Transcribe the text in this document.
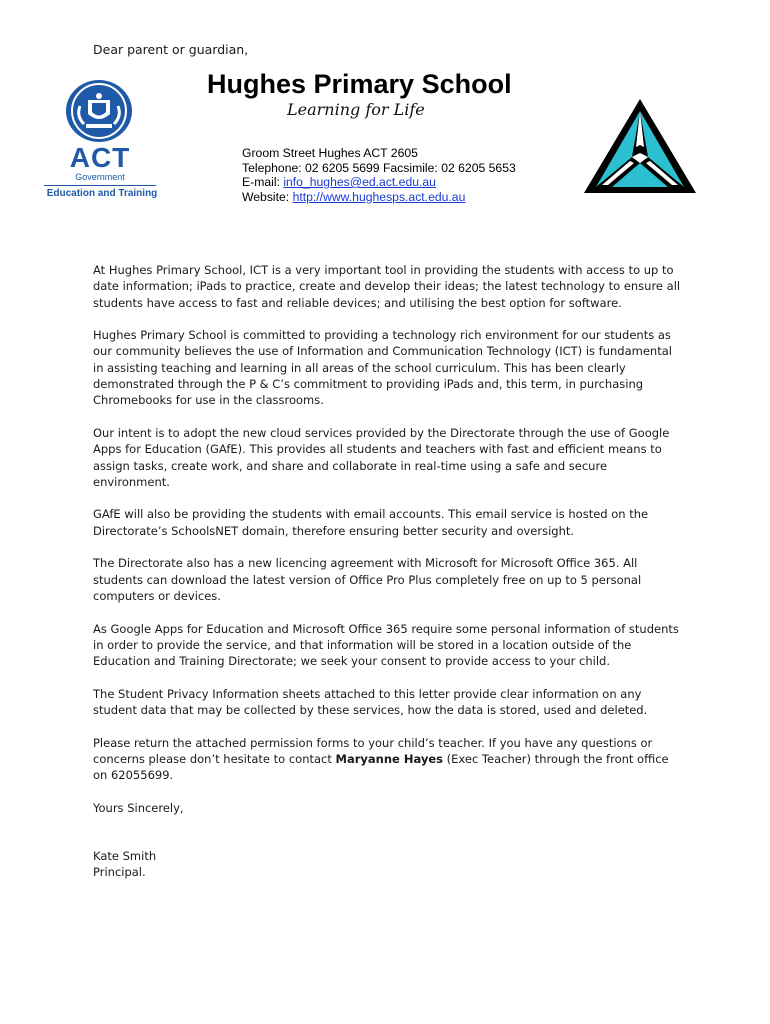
Dear parent or guardian,
ACT
Government
Education and Training
Hughes Primary School
Learning for Life
Groom Street Hughes ACT 2605
Telephone: 02 6205 5699 Facsimile: 02 6205 5653
E-mail: info_hughes@ed.act.edu.au
Website: http://www.hughesps.act.edu.au

At Hughes Primary School, ICT is a very important tool in providing the students with access to up to date information; iPads to practice, create and develop their ideas; the latest technology to ensure all students have access to fast and reliable devices; and utilising the best option for software.

Hughes Primary School is committed to providing a technology rich environment for our students as our community believes the use of Information and Communication Technology (ICT) is fundamental in assisting teaching and learning in all areas of the school curriculum. This has been clearly demonstrated through the P & C’s commitment to providing iPads and, this term, in purchasing Chromebooks for use in the classrooms.

Our intent is to adopt the new cloud services provided by the Directorate through the use of Google Apps for Education (GAfE). This provides all students and teachers with fast and efficient means to assign tasks, create work, and share and collaborate in real-time using a safe and secure environment.

GAfE will also be providing the students with email accounts. This email service is hosted on the Directorate’s SchoolsNET domain, therefore ensuring better security and oversight.

The Directorate also has a new licencing agreement with Microsoft for Microsoft Office 365. All students can download the latest version of Office Pro Plus completely free on up to 5 personal computers or devices.

As Google Apps for Education and Microsoft Office 365 require some personal information of students in order to provide the service, and that information will be stored in a location outside of the Education and Training Directorate; we seek your consent to provide access to your child.

The Student Privacy Information sheets attached to this letter provide clear information on any student data that may be collected by these services, how the data is stored, used and deleted.

Please return the attached permission forms to your child’s teacher. If you have any questions or concerns please don’t hesitate to contact Maryanne Hayes (Exec Teacher) through the front office on 62055699.

Yours Sincerely,
Kate Smith
Principal.
